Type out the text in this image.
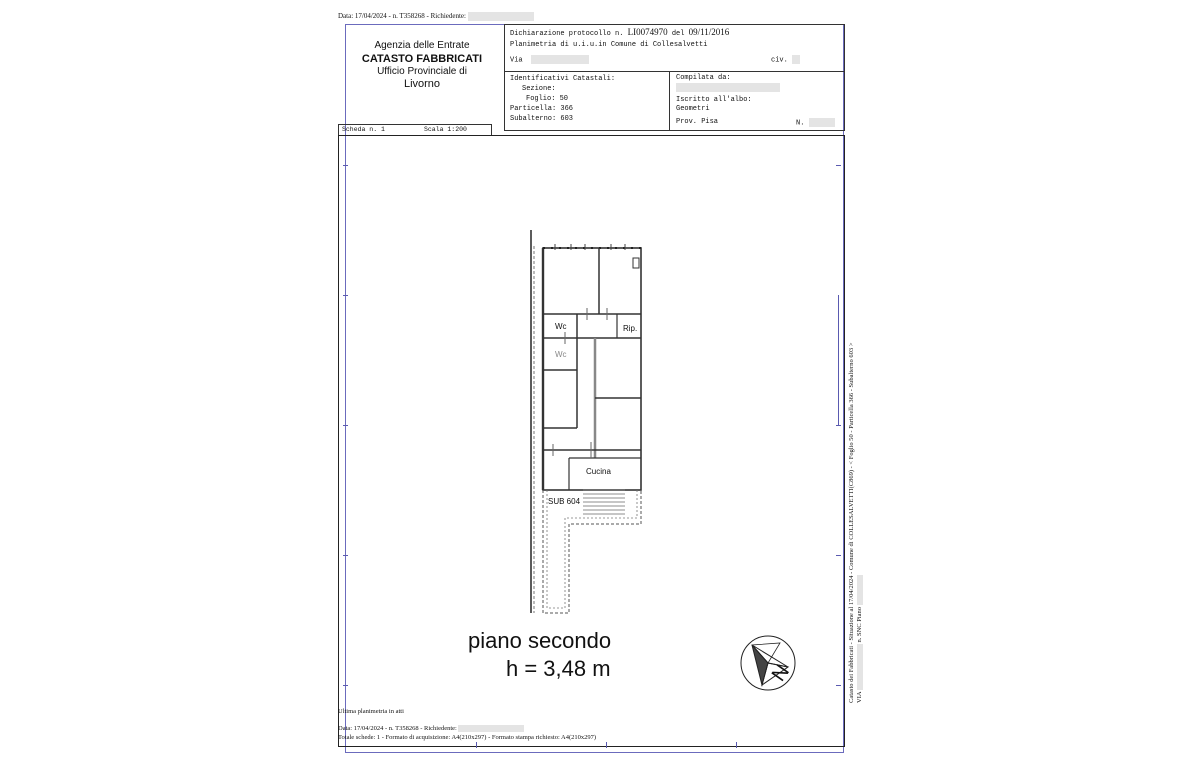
Data: 17/04/2024 - n. T358268 - Richiedente:
Agenzia delle Entrate
CATASTO FABBRICATI
Ufficio Provinciale di
Livorno
Dichiarazione protocollo n. LI0074970 del 09/11/2016
Planimetria di u.i.u.in Comune di Collesalvetti
Via	civ.
Identificativi Catastali:
Sezione:
Foglio: 50
Particella: 366
Subalterno: 603
Compilata da:
Iscritto all'albo:
Geometri
Prov. Pisa	N.
Scheda n. 1	Scala 1:200
Wc
Wc
Rip.
Cucina
SUB 604
piano secondo
h = 3,48 m	N	Catasto dei Fabbricati - Situazione al 17/04/2024 - Comune di COLLESALVETTI(C869) - < Foglio 50 - Particella 366 - Subalterno 603 > VIA  n. SNC Piano
Ultima planimetria in atti
Data: 17/04/2024 - n. T358268 - Richiedente:
Totale schede: 1 - Formato di acquisizione: A4(210x297) - Formato stampa richiesto: A4(210x297)
